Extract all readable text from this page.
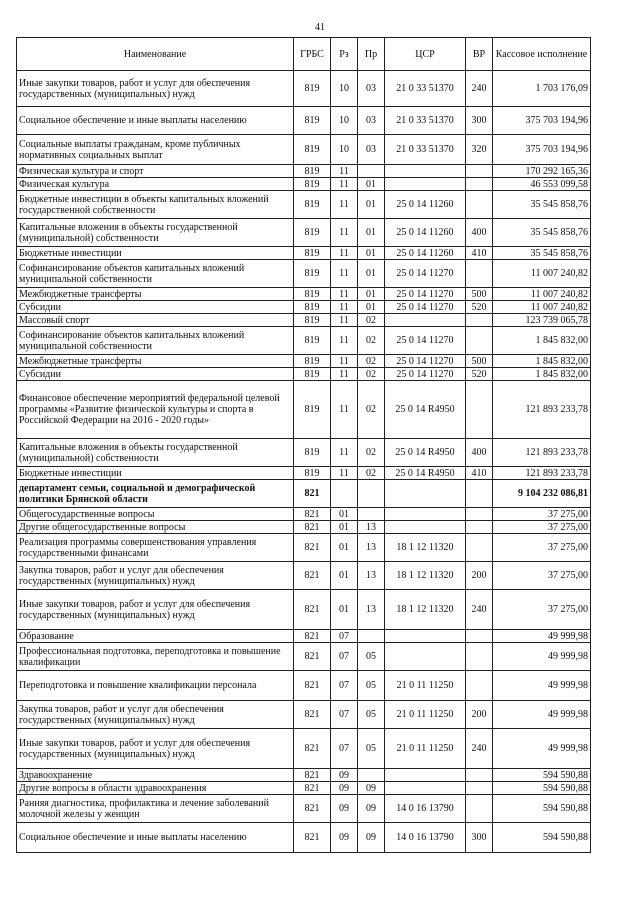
41
Наименование	ГРБС	Рз	Пр	ЦСР	ВР	Кассовое исполнение
Иные закупки товаров, работ и услуг для обеспечения государственных (муниципальных) нужд	819	10	03	21 0 33 51370	240	1 703 176,09
Социальное обеспечение и иные выплаты населению	819	10	03	21 0 33 51370	300	375 703 194,96
Социальные выплаты гражданам, кроме публичных нормативных социальных выплат	819	10	03	21 0 33 51370	320	375 703 194,96
Физическая культура и спорт	819	11				170 292 165,36
Физическая культура	819	11	01			46 553 099,58
Бюджетные инвестиции в объекты капитальных вложений государственной собственности	819	11	01	25 0 14 11260		35 545 858,76
Капитальные вложения в объекты государственной (муниципальной) собственности	819	11	01	25 0 14 11260	400	35 545 858,76
Бюджетные инвестиции	819	11	01	25 0 14 11260	410	35 545 858,76
Софинансирование объектов капитальных вложений муниципальной собственности	819	11	01	25 0 14 11270		11 007 240,82
Межбюджетные трансферты	819	11	01	25 0 14 11270	500	11 007 240,82
Субсидии	819	11	01	25 0 14 11270	520	11 007 240,82
Массовый спорт	819	11	02			123 739 065,78
Софинансирование объектов капитальных вложений муниципальной собственности	819	11	02	25 0 14 11270		1 845 832,00
Межбюджетные трансферты	819	11	02	25 0 14 11270	500	1 845 832,00
Субсидии	819	11	02	25 0 14 11270	520	1 845 832,00
Финансовое обеспечение мероприятий федеральной целевой программы «Развитие физической культуры и спорта в Российской Федерации на 2016 - 2020 годы»	819	11	02	25 0 14 R4950		121 893 233,78
Капитальные вложения в объекты государственной (муниципальной) собственности	819	11	02	25 0 14 R4950	400	121 893 233,78
Бюджетные инвестиции	819	11	02	25 0 14 R4950	410	121 893 233,78
департамент семьи, социальной и демографической политики Брянской области	821					9 104 232 086,81
Общегосударственные вопросы	821	01				37 275,00
Другие общегосударственные вопросы	821	01	13			37 275,00
Реализация программы совершенствования управления государственными финансами	821	01	13	18 1 12 11320		37 275,00
Закупка товаров, работ и услуг для обеспечения государственных (муниципальных) нужд	821	01	13	18 1 12 11320	200	37 275,00
Иные закупки товаров, работ и услуг для обеспечения государственных (муниципальных) нужд	821	01	13	18 1 12 11320	240	37 275,00
Образование	821	07				49 999,98
Профессиональная подготовка, переподготовка и повышение квалификации	821	07	05			49 999,98
Переподготовка и повышение квалификации персонала	821	07	05	21 0 11 11250		49 999,98
Закупка товаров, работ и услуг для обеспечения государственных (муниципальных) нужд	821	07	05	21 0 11 11250	200	49 999,98
Иные закупки товаров, работ и услуг для обеспечения государственных (муниципальных) нужд	821	07	05	21 0 11 11250	240	49 999,98
Здравоохранение	821	09				594 590,88
Другие вопросы в области здравоохранения	821	09	09			594 590,88
Ранняя диагностика, профилактика и лечение заболеваний молочной железы у женщин	821	09	09	14 0 16 13790		594 590,88
Социальное обеспечение и иные выплаты населению	821	09	09	14 0 16 13790	300	594 590,88
